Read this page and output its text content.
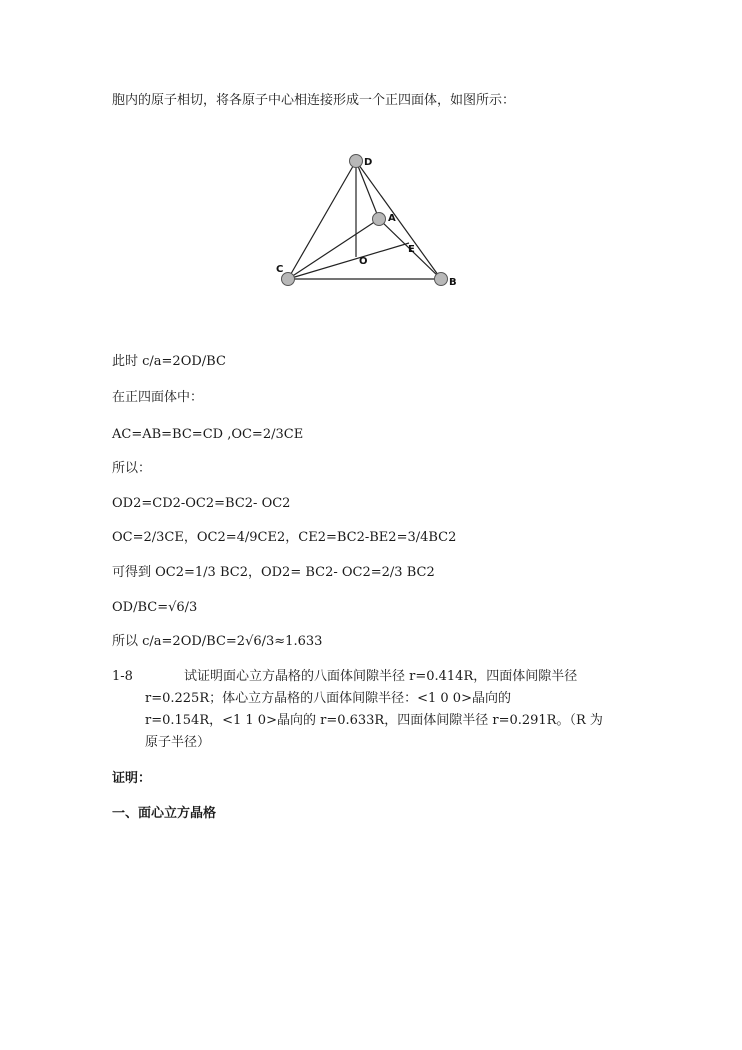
胞内的原子相切，将各原子中心相连接形成一个正四面体，如图所示：
D
A
E
C
O
B
此时 c/a=2OD/BC
在正四面体中：
AC=AB=BC=CD ,OC=2/3CE
所以：
OD2=CD2-OC2=BC2- OC2
OC=2/3CE，OC2=4/9CE2，CE2=BC2-BE2=3/4BC2
可得到 OC2=1/3 BC2，OD2= BC2- OC2=2/3 BC2
OD/BC=√6/3
所以 c/a=2OD/BC=2√6/3≈1.633
1-8	试证明面心立方晶格的八面体间隙半径 r=0.414R，四面体间隙半径
r=0.225R；体心立方晶格的八面体间隙半径：<1 0 0>晶向的
r=0.154R，<1 1 0>晶向的 r=0.633R，四面体间隙半径 r=0.291R。（R 为
原子半径）
证明：
一、面心立方晶格
